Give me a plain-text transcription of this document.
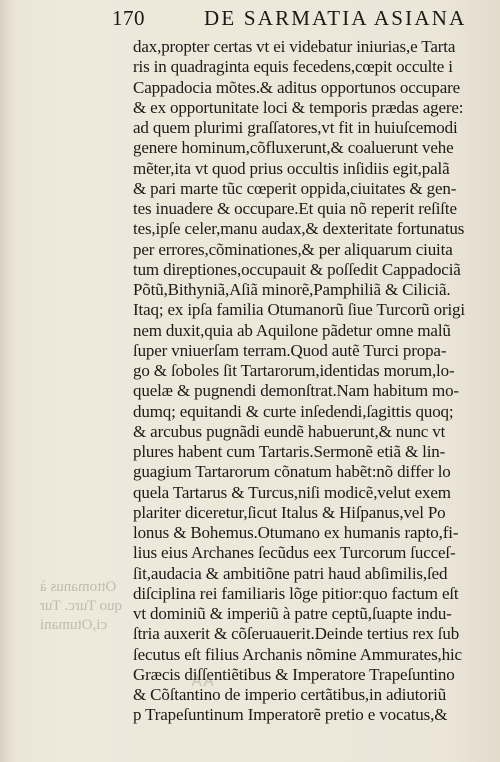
170	DE SARMATIA ASIANA
dax,propter certas vt ei videbatur iniurias,e Tarta
ris in quadraginta equis fecedens,cœpit occulte i
Cappadocia mõtes.& aditus opportunos occupare
& ex opportunitate loci & temporis prædas agere:
ad quem plurimi graſſatores,vt fit in huiuſcemodi
genere hominum,cõfluxerunt,& coaluerunt vehe
mẽter,ita vt quod prius occultis inſidiis egit,palã
& pari marte tũc cœperit oppida,ciuitates & gen-
tes inuadere & occupare.Et quia nõ reperit reſiſte
tes,ipſe celer,manu audax,& dexteritate fortunatus
per errores,cõminationes,& per aliquarum ciuita
tum direptiones,occupauit & poſſedit Cappadociã
Põtũ,Bithyniã,Aſiã minorẽ,Pamphiliã & Ciliciã.
Itaq; ex ipſa familia Otumanorũ ſiue Turcorũ origi
nem duxit,quia ab Aquilone pãdetur omne malũ
ſuper vniuerſam terram.Quod autẽ Turci propa-
go & ſoboles ſit Tartarorum,identidas morum,lo-
quelæ & pugnendi demonſtrat.Nam habitum mo-
dumq; equitandi & curte inſedendi,ſagittis quoq;
& arcubus pugnãdi eundẽ habuerunt,& nunc vt
plures habent cum Tartaris.Sermonẽ etiã & lin-
guagium Tartarorum cõnatum habẽt:nõ differ lo
quela Tartarus & Turcus,niſi modicẽ,velut exem
plariter diceretur,ſicut Italus & Hiſpanus,vel Po
lonus & Bohemus.Otumano ex humanis rapto,fi-
lius eius Archanes ſecũdus eex Turcorum ſucceſ-
ſit,audacia & ambitiõne patri haud abſimilis,ſed
diſciplina rei familiaris lõge pitior:quo factum eſt
vt dominiũ & imperiũ à patre ceptũ,ſuapte indu-
ſtria auxerit & cõſeruauerit.Deinde tertius rex ſub
ſecutus eſt filius Archanis nõmine Ammurates,hic
Græcis diſſentiẽtibus & Imperatore Trapeſuntino
& Cõſtantino de imperio certãtibus,in adiutoriũ
p Trapeſuntinum Imperatorẽ pretio e vocatus,&
Ottomanus à
quo Turc. Tur
ci,Otumani
